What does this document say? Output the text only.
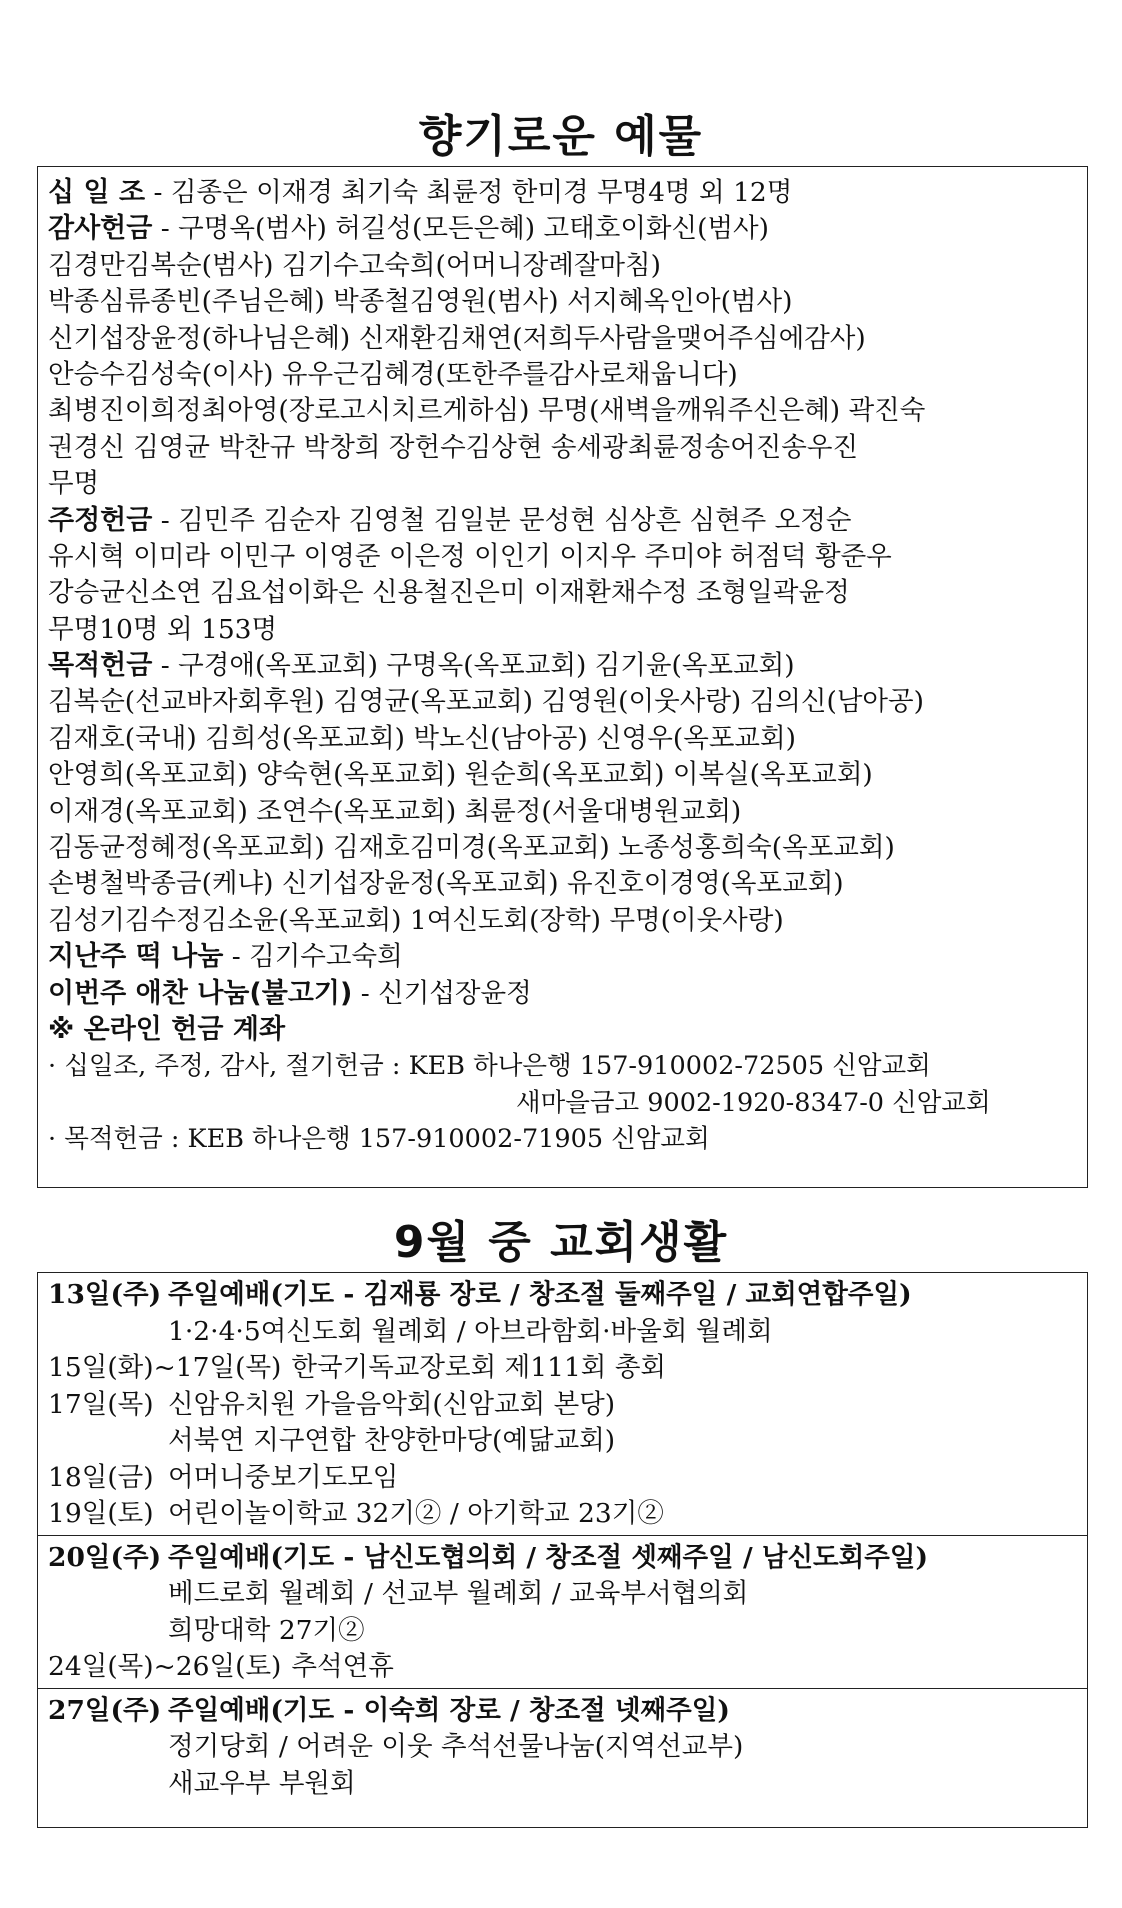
향기로운 예물
십 일 조 - 김종은 이재경 최기숙 최륜정 한미경 무명4명 외 12명
감사헌금 - 구명옥(범사) 허길성(모든은혜) 고태호이화신(범사)
김경만김복순(범사) 김기수고숙희(어머니장례잘마침)
박종심류종빈(주님은혜) 박종철김영원(범사) 서지혜옥인아(범사)
신기섭장윤정(하나님은혜) 신재환김채연(저희두사람을맺어주심에감사)
안승수김성숙(이사) 유우근김혜경(또한주를감사로채웁니다)
최병진이희정최아영(장로고시치르게하심) 무명(새벽을깨워주신은혜) 곽진숙
권경신 김영균 박찬규 박창희 장헌수김상현 송세광최륜정송어진송우진
무명
주정헌금 - 김민주 김순자 김영철 김일분 문성현 심상흔 심현주 오정순
유시혁 이미라 이민구 이영준 이은정 이인기 이지우 주미야 허점덕 황준우
강승균신소연 김요섭이화은 신용철진은미 이재환채수정 조형일곽윤정
무명10명 외 153명
목적헌금 - 구경애(옥포교회) 구명옥(옥포교회) 김기윤(옥포교회)
김복순(선교바자회후원) 김영균(옥포교회) 김영원(이웃사랑) 김의신(남아공)
김재호(국내) 김희성(옥포교회) 박노신(남아공) 신영우(옥포교회)
안영희(옥포교회) 양숙현(옥포교회) 원순희(옥포교회) 이복실(옥포교회)
이재경(옥포교회) 조연수(옥포교회) 최륜정(서울대병원교회)
김동균정혜정(옥포교회) 김재호김미경(옥포교회) 노종성홍희숙(옥포교회)
손병철박종금(케냐) 신기섭장윤정(옥포교회) 유진호이경영(옥포교회)
김성기김수정김소윤(옥포교회) 1여신도회(장학) 무명(이웃사랑)
지난주 떡 나눔 - 김기수고숙희
이번주 애찬 나눔(불고기) - 신기섭장윤정
※ 온라인 헌금 계좌
· 십일조, 주정, 감사, 절기헌금 : KEB 하나은행 157-910002-72505 신암교회
새마을금고 9002-1920-8347-0 신암교회
· 목적헌금 : KEB 하나은행 157-910002-71905 신암교회
9월 중 교회생활
13일(주) 주일예배(기도 - 김재룡 장로 / 창조절 둘째주일 / 교회연합주일)
1·2·4·5여신도회 월례회 / 아브라함회·바울회 월례회
15일(화)~17일(목) 한국기독교장로회 제111회 총회
17일(목) 신암유치원 가을음악회(신암교회 본당)
서북연 지구연합 찬양한마당(예닮교회)
18일(금) 어머니중보기도모임
19일(토) 어린이놀이학교 32기② / 아기학교 23기②
20일(주) 주일예배(기도 - 남신도협의회 / 창조절 셋째주일 / 남신도회주일)
베드로회 월례회 / 선교부 월례회 / 교육부서협의회
희망대학 27기②
24일(목)~26일(토) 추석연휴
27일(주) 주일예배(기도 - 이숙희 장로 / 창조절 넷째주일)
정기당회 / 어려운 이웃 추석선물나눔(지역선교부)
새교우부 부원회
